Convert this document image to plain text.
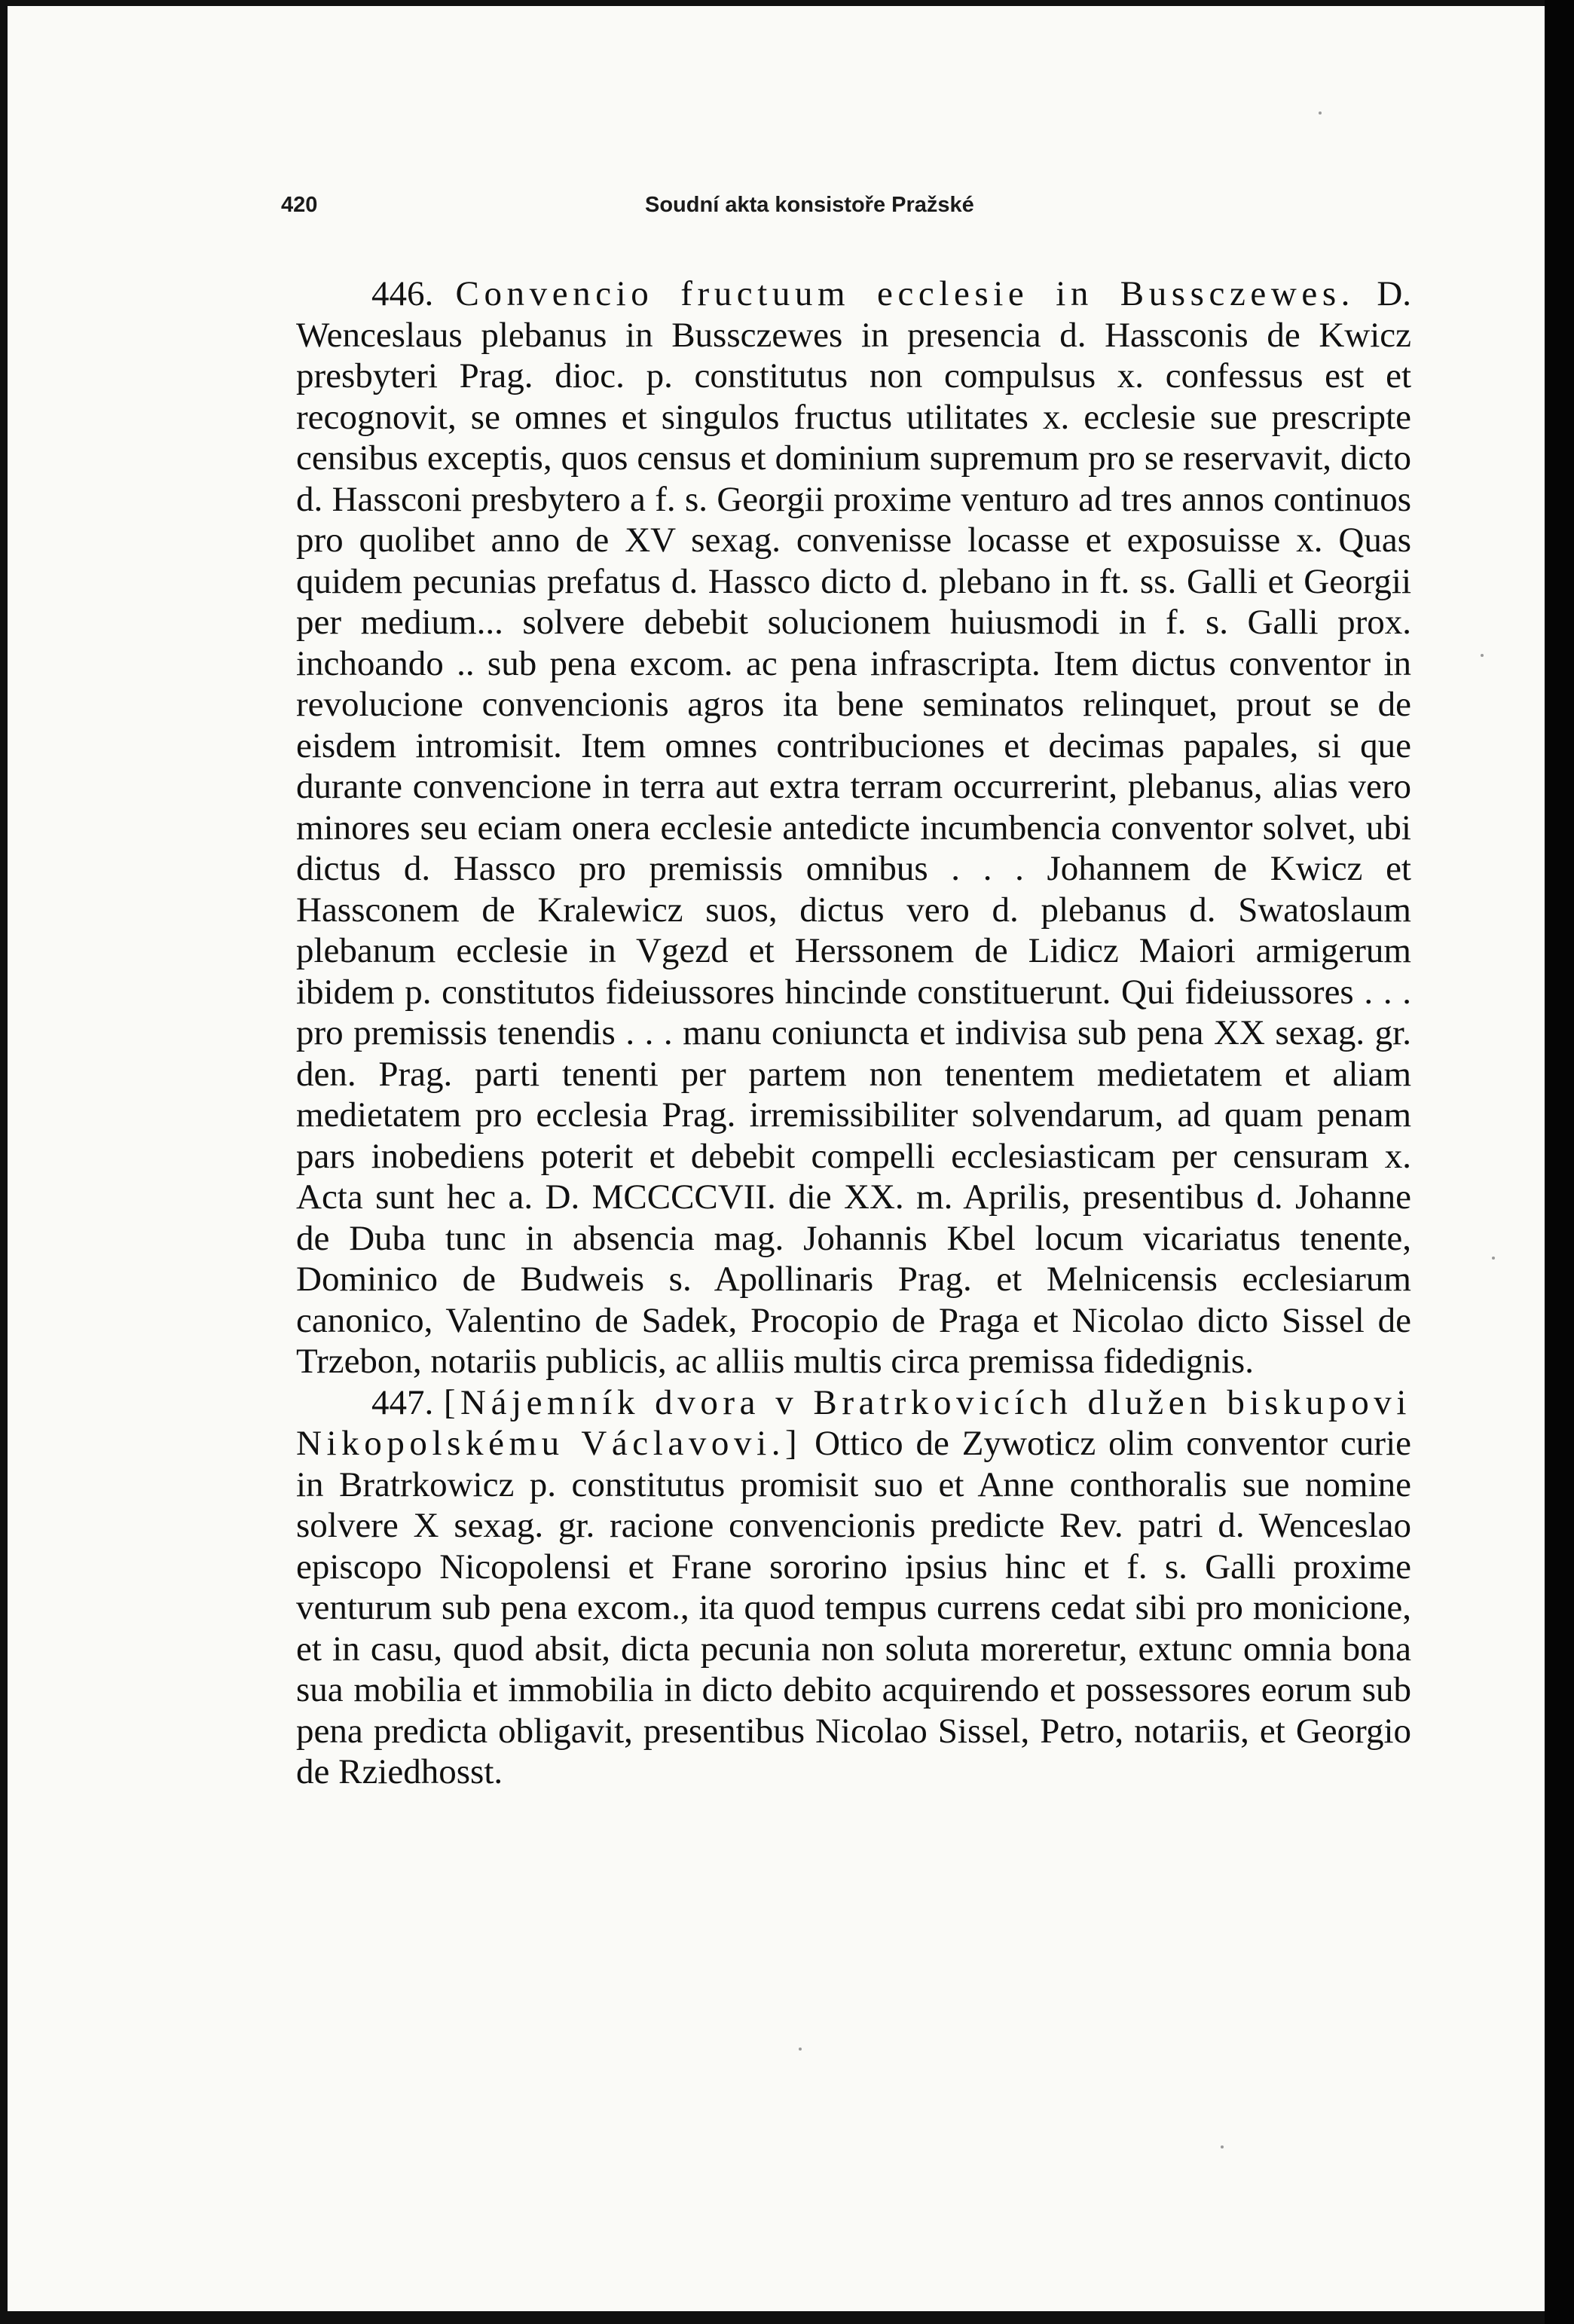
420	Soudní akta konsistoře Pražské

446. Convencio fructuum ecclesie in Bussczewes. D. Wenceslaus plebanus in Bussczewes in presencia d. Hassconis de Kwicz presbyteri Prag. dioc. p. constitutus non compulsus x. confessus est et recognovit, se omnes et singulos fructus utilitates x. ecclesie sue prescripte censibus exceptis, quos census et dominium supremum pro se reservavit, dicto d. Hassconi presbytero a f. s. Georgii proxime venturo ad tres annos continuos pro quolibet anno de XV sexag. convenisse locasse et exposuisse x. Quas quidem pecunias prefatus d. Hassco dicto d. plebano in ft. ss. Galli et Georgii per medium... solvere debebit solucionem huiusmodi in f. s. Galli prox. inchoando .. sub pena excom. ac pena infrascripta. Item dictus conventor in revolucione convencionis agros ita bene seminatos relinquet, prout se de eisdem intromisit. Item omnes contribuciones et decimas papales, si que durante convencione in terra aut extra terram occurrerint, plebanus, alias vero minores seu eciam onera ecclesie antedicte incumbencia conventor solvet, ubi dictus d. Hassco pro premissis omnibus . . . Johannem de Kwicz et Hassconem de Kralewicz suos, dictus vero d. plebanus d. Swatoslaum plebanum ecclesie in Vgezd et Herssonem de Lidicz Maiori armigerum ibidem p. constitutos fideiussores hincinde constituerunt. Qui fideiussores . . . pro premissis tenendis . . . manu coniuncta et indivisa sub pena XX sexag. gr. den. Prag. parti tenenti per partem non tenentem medietatem et aliam medietatem pro ecclesia Prag. irremissibiliter solvendarum, ad quam penam pars inobediens poterit et debebit compelli ecclesiasticam per censuram x. Acta sunt hec a. D. MCCCCVII. die XX. m. Aprilis, presentibus d. Johanne de Duba tunc in absencia mag. Johannis Kbel locum vicariatus tenente, Dominico de Budweis s. Apollinaris Prag. et Melnicensis ecclesiarum canonico, Valentino de Sadek, Procopio de Praga et Nicolao dicto Sissel de Trzebon, notariis publicis, ac alliis multis circa premissa fidedignis.

447. [Nájemník dvora v Bratrkovicích dlužen biskupovi Nikopolskému Václavovi.] Ottico de Zywoticz olim conventor curie in Bratrkowicz p. constitutus promisit suo et Anne conthoralis sue nomine solvere X sexag. gr. racione convencionis predicte Rev. patri d. Wenceslao episcopo Nicopolensi et Frane sororino ipsius hinc et f. s. Galli proxime venturum sub pena excom., ita quod tempus currens cedat sibi pro monicione, et in casu, quod absit, dicta pecunia non soluta moreretur, extunc omnia bona sua mobilia et immobilia in dicto debito acquirendo et possessores eorum sub pena predicta obligavit, presentibus Nicolao Sissel, Petro, notariis, et Georgio de Rziedhosst.
